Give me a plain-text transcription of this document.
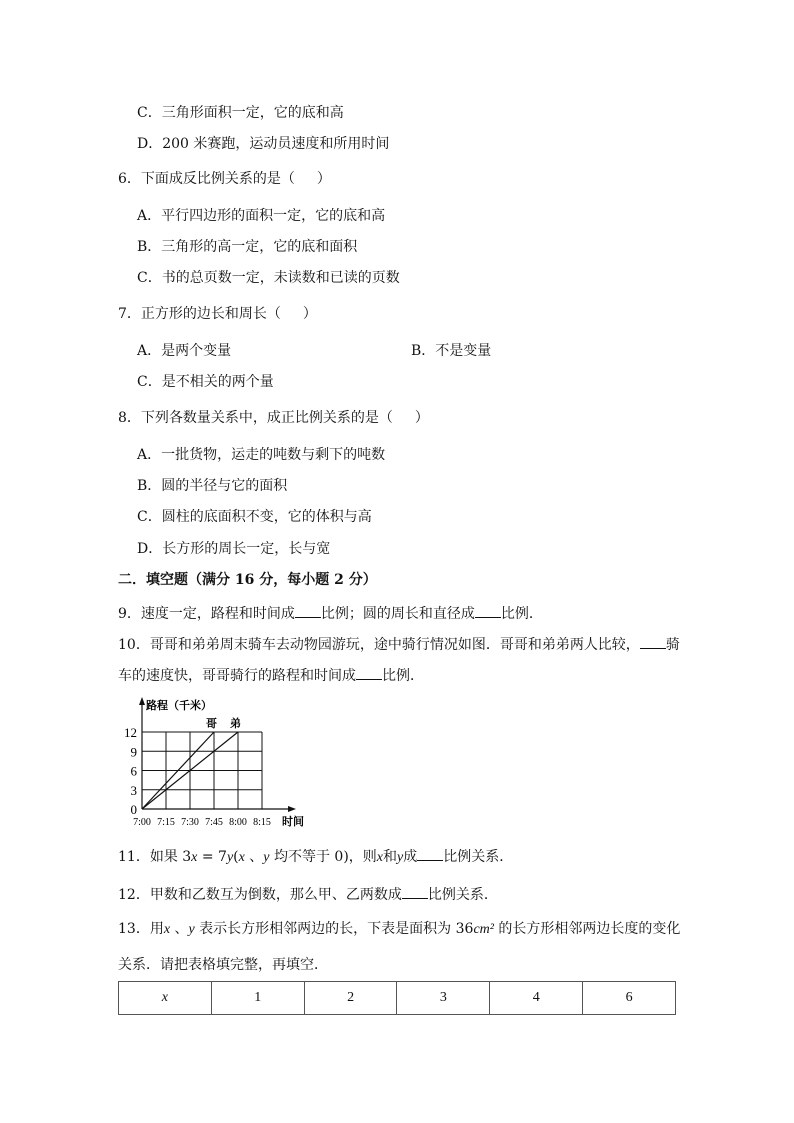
C．三角形面积一定，它的底和高
D．200 米赛跑，运动员速度和所用时间
6．下面成反比例关系的是（ ）
A．平行四边形的面积一定，它的底和高
B．三角形的高一定，它的底和面积
C．书的总页数一定，未读数和已读的页数
7．正方形的边长和周长（ ）
A．是两个变量	B．不是变量
C．是不相关的两个量
8．下列各数量关系中，成正比例关系的是（ ）
A．一批货物，运走的吨数与剩下的吨数
B．圆的半径与它的面积
C．圆柱的底面积不变，它的体积与高
D．长方形的周长一定，长与宽
二．填空题（满分 16 分，每小题 2 分）
9．速度一定，路程和时间成 比例；圆的周长和直径成 比例．
10．哥哥和弟弟周末骑车去动物园游玩，途中骑行情况如图．哥哥和弟弟两人比较， 骑
车的速度快，哥哥骑行的路程和时间成 比例．
哥 弟
0
3
6
9
12
7:00 7:15 7:30 7:45 8:00 8:15
路程（千米）
时间
11．如果 3x = 7y(x 、y 均不等于 0)，则x和y成 比例关系．
12．甲数和乙数互为倒数，那么甲、乙两数成 比例关系．
13．用x 、y 表示长方形相邻两边的长，下表是面积为 36cm² 的长方形相邻两边长度的变化
关系．请把表格填完整，再填空．
x	1	2	3	4	6
